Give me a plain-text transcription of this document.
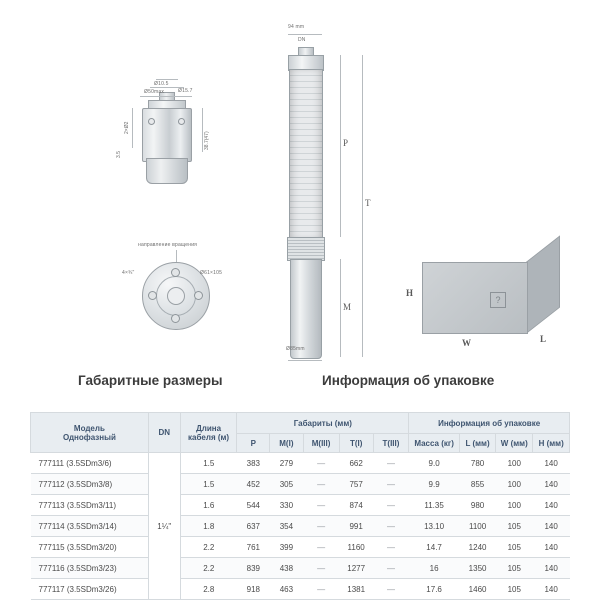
Ø50max
Ø10.5
Ø15.7
2×Ø2
3.5
38.7(47)
направление вращения
4×¾"	Ø61×105
94 mm
DN
P
T
M
Ø85mm
?
H
W	L
Габаритные размеры	Информация об упаковке
Модель
Однофазный	DN	Длина
кабеля (м)
	Габариты (мм)	Информация об упаковке
			P	M(I)	M(III)	T(I)	T(III)	Масса (кг)	L (мм)	W (мм)	H (мм)
777111 (3.5SDm3/6)	1¼"	1.5	383	279	—	662	—	9.0	780	100	140
777112 (3.5SDm3/8)		1.5	452	305	—	757	—	9.9	855	100	140
777113 (3.5SDm3/11)		1.6	544	330	—	874	—	11.35	980	100	140
777114 (3.5SDm3/14)		1.8	637	354	—	991	—	13.10	1100	105	140
777115 (3.5SDm3/20)		2.2	761	399	—	1160	—	14.7	1240	105	140
777116 (3.5SDm3/23)		2.2	839	438	—	1277	—	16	1350	105	140
777117 (3.5SDm3/26)		2.8	918	463	—	1381	—	17.6	1460	105	140
